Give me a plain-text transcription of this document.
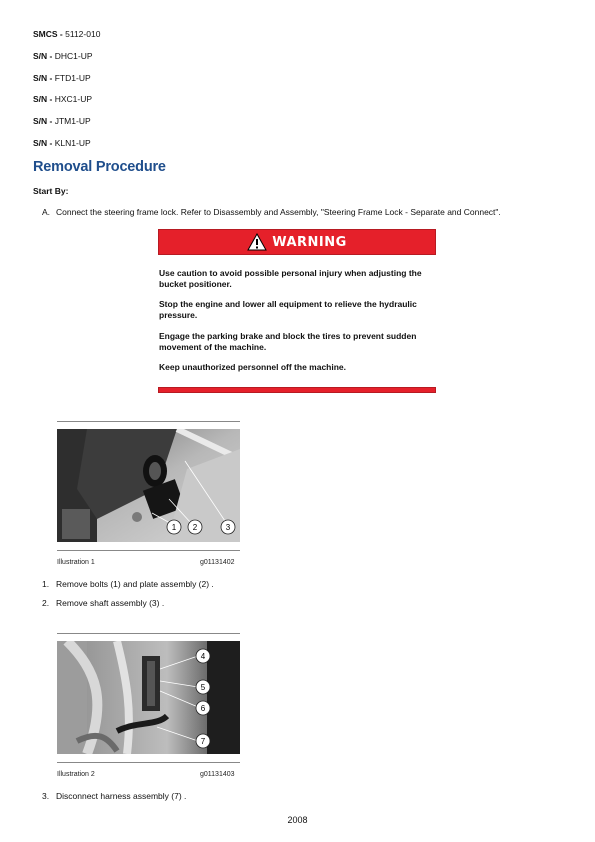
SMCS - 5112-010
S/N - DHC1-UP
S/N - FTD1-UP
S/N - HXC1-UP
S/N - JTM1-UP
S/N - KLN1-UP
Removal Procedure
Start By:
A. Connect the steering frame lock. Refer to Disassembly and Assembly, "Steering Frame Lock - Separate and Connect".
WARNING
Use caution to avoid possible personal injury when adjusting the bucket positioner.
Stop the engine and lower all equipment to relieve the hydraulic pressure.
Engage the parking brake and block the tires to prevent sudden movement of the machine.
Keep unauthorized personnel off the machine.
1 2	3
Illustration 1	g01131402
1. Remove bolts (1) and plate assembly (2) .
2. Remove shaft assembly (3) .
4
5
6
7
Illustration 2	g01131403
3. Disconnect harness assembly (7) .
2008
